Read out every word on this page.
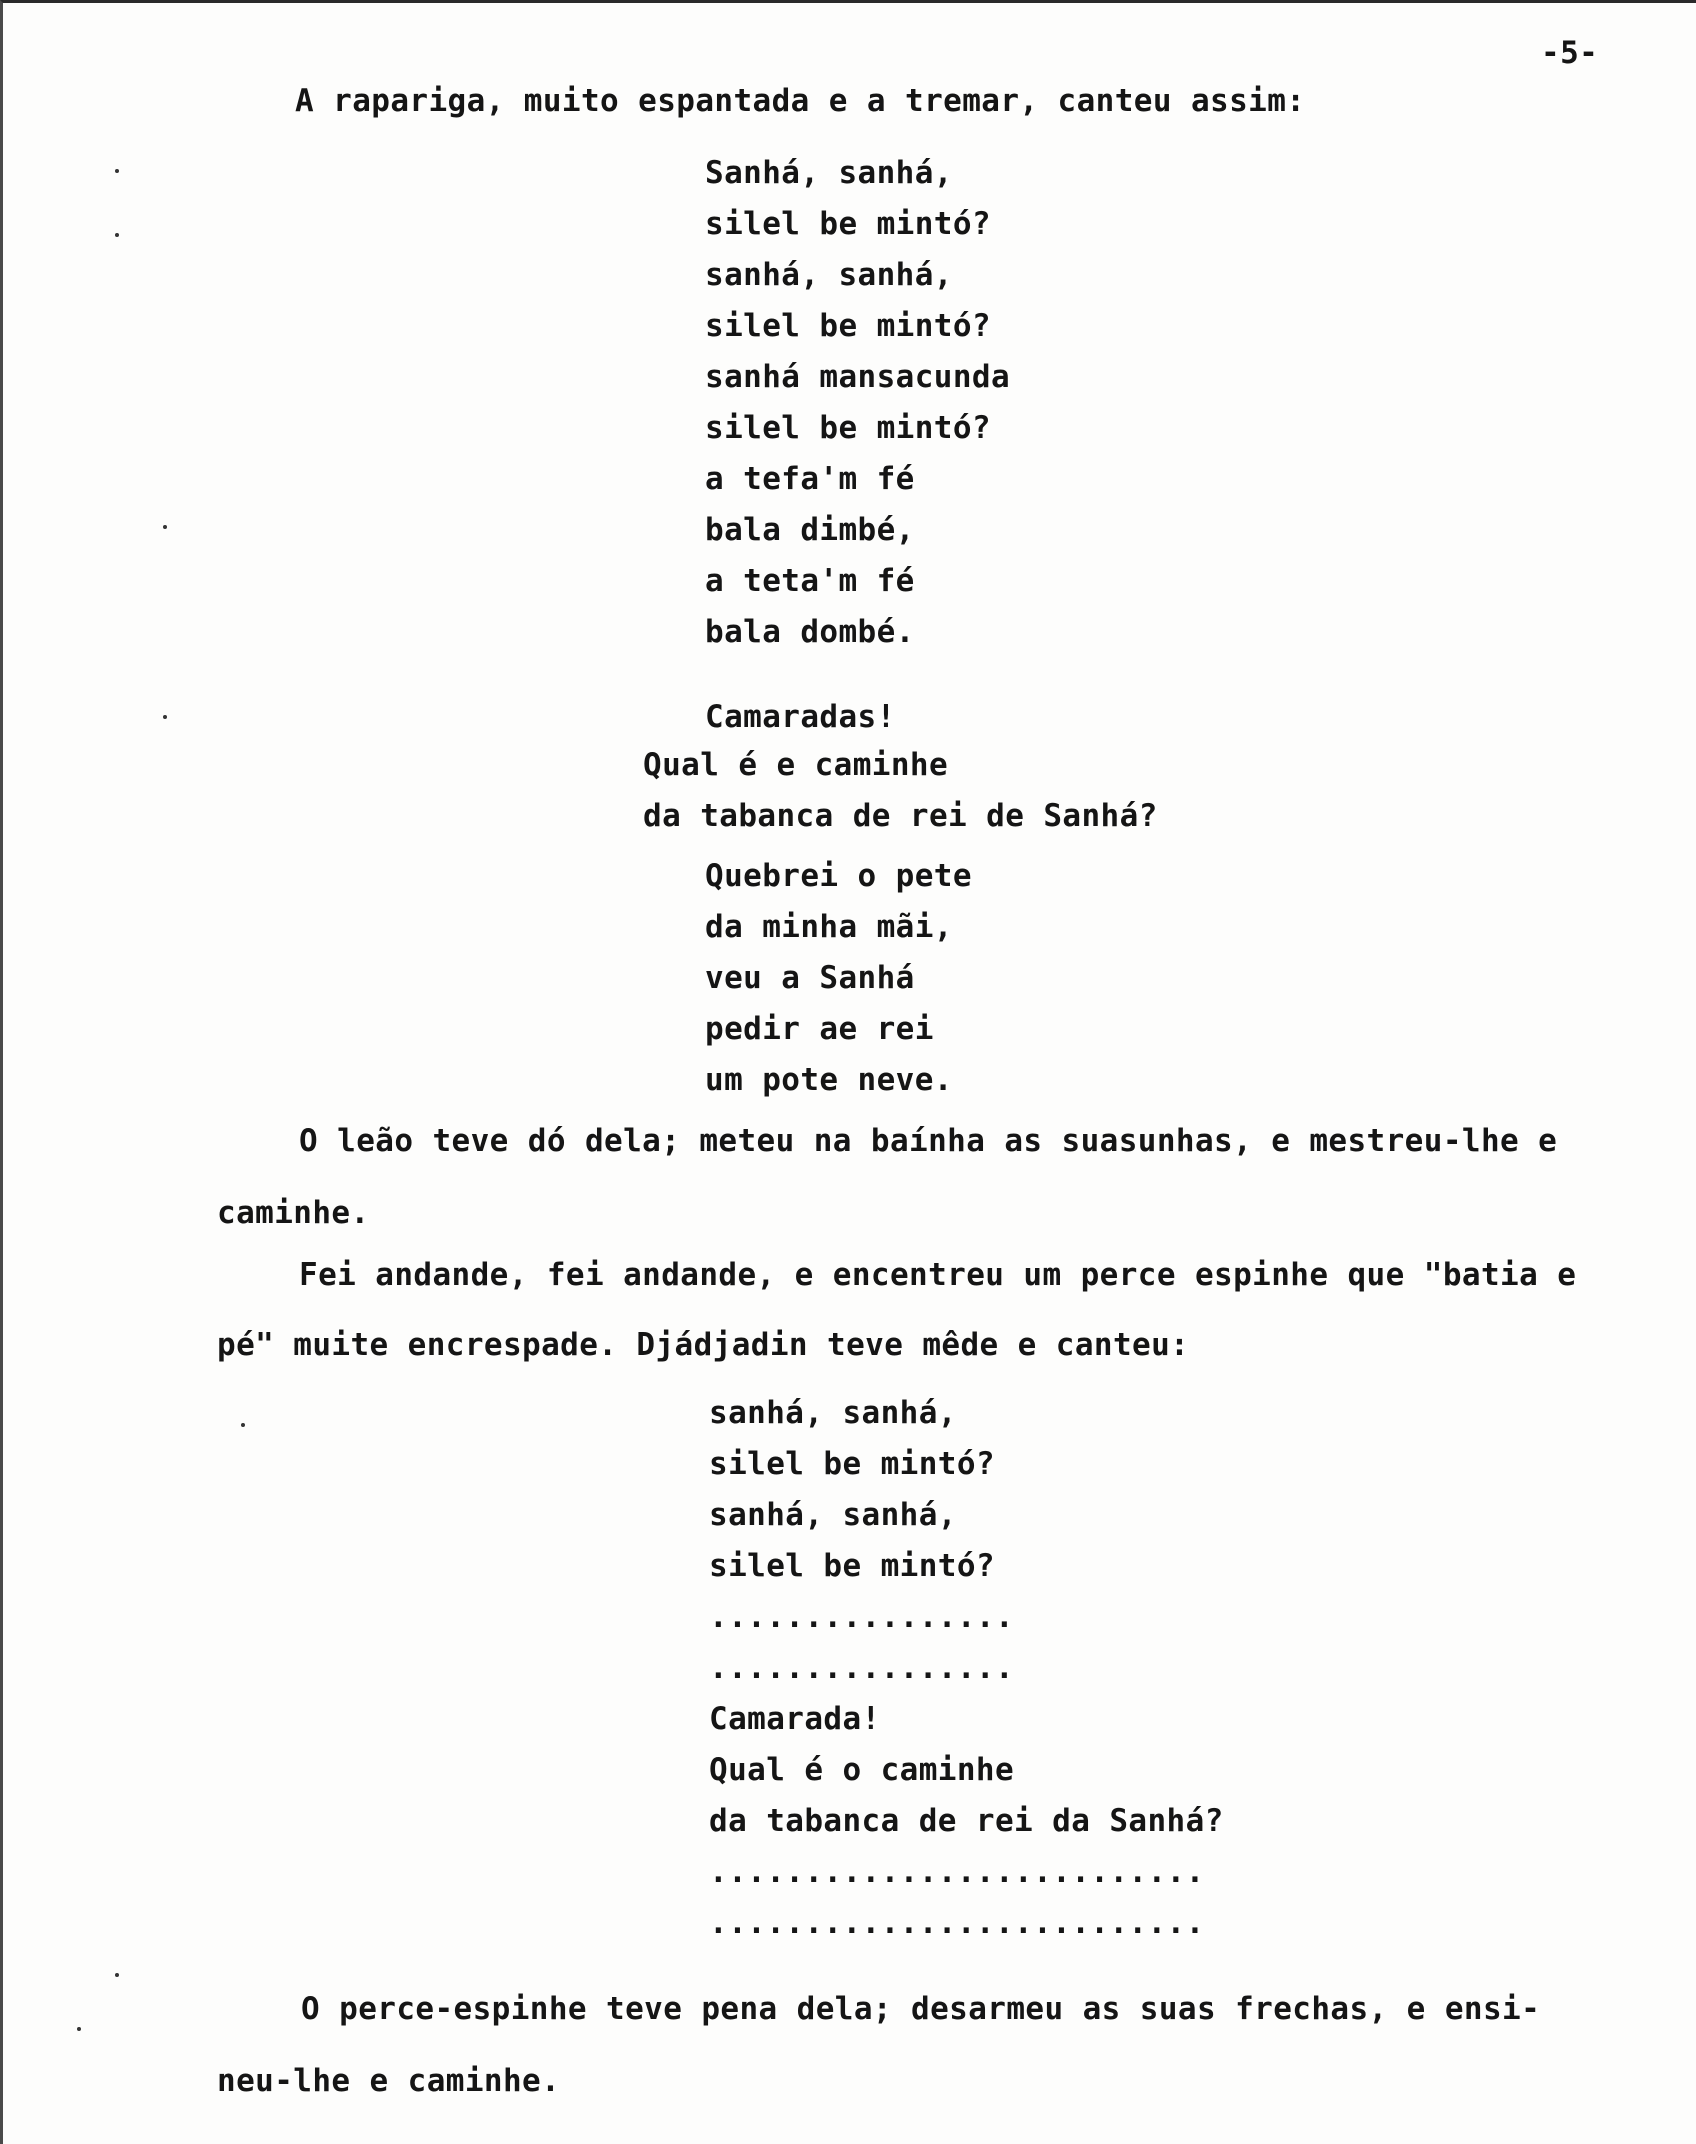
-5-
A rapariga, muito espantada e a tremar, canteu assim:
Sanhá, sanhá,
silel be mintó?
sanhá, sanhá,
silel be mintó?
sanhá mansacunda
silel be mintó?
a tefa'm fé
bala dimbé,
a teta'm fé
bala dombé.
Camaradas!
Qual é e caminhe
da tabanca de rei de Sanhá?
Quebrei o pete
da minha mãi,
veu a Sanhá
pedir ae rei
um pote neve.
O leão teve dó dela; meteu na baínha as suasunhas, e mestreu-lhe e
caminhe.
Fei andande, fei andande, e encentreu um perce espinhe que "batia e
pé" muite encrespade. Djádjadin teve mêde e canteu:
sanhá, sanhá,
silel be mintó?
sanhá, sanhá,
silel be mintó?
................
................
Camarada!
Qual é o caminhe
da tabanca de rei da Sanhá?
..........................
..........................
O perce-espinhe teve pena dela; desarmeu as suas frechas, e ensi-
neu-lhe e caminhe.
